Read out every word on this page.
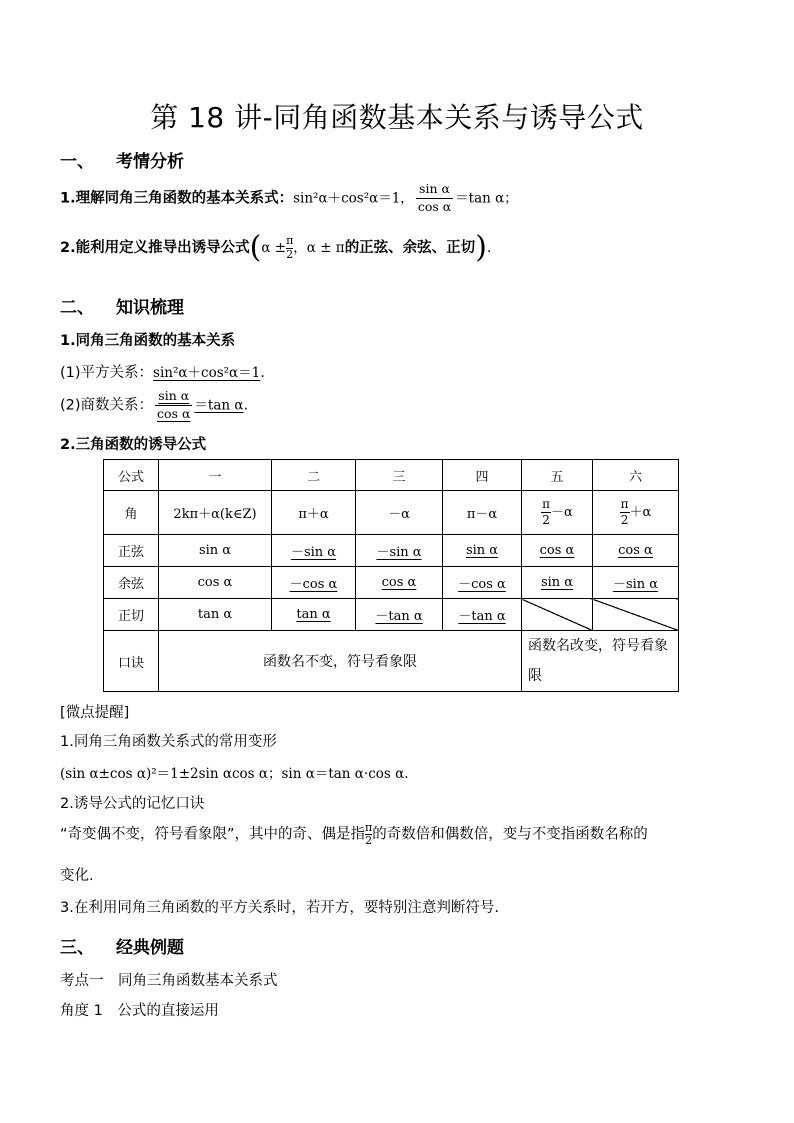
第 18 讲-同角函数基本关系与诱导公式
一、 考情分析
1.理解同角三角函数的基本关系式：sin²α＋cos²α＝1， $\frac{\text{sin α}}{\text{cos α}} =\tan$ α；
2.能利用定义推导出诱导公式($\alpha \pm \frac{\pi}{2}$，α ± π的正弦、余弦、正切).
二、 知识梳理
1.同角三角函数的基本关系
(1)平方关系：sin²α＋cos²α＝1.
(2)商数关系： $\frac{\text{sin α}}{\text{cos α}} =\tan$ α.
2.三角函数的诱导公式
公式	一	二	三	四	五	六
角	2kπ＋α(k∈Z)	π＋α	－α	π－α	$\frac{\pi}{2} -\alpha$	$\frac{\pi}{2} +\alpha$
正弦	sin α	－sin α	－sin α	sin α	cos α	cos α
余弦	cos α	－cos α	cos α	－cos α	sin α	－sin α
正切	tan α	tan α	－tan α	－tan α		
口诀	函数名不变，符号看象限				函数名改变，符号看象限	
[微点提醒]
1.同角三角函数关系式的常用变形
(sin α±cos α)²＝1±2sin αcos α；sin α＝tan α·cos α.
2.诱导公式的记忆口诀
“奇变偶不变，符号看象限”，其中的奇、偶是指 $\frac{\pi}{2}$的奇数倍和偶数倍，变与不变指函数名称的
变化.
3.在利用同角三角函数的平方关系时，若开方，要特别注意判断符号.
三、 经典例题
考点一　同角三角函数基本关系式
角度 1　公式的直接运用
